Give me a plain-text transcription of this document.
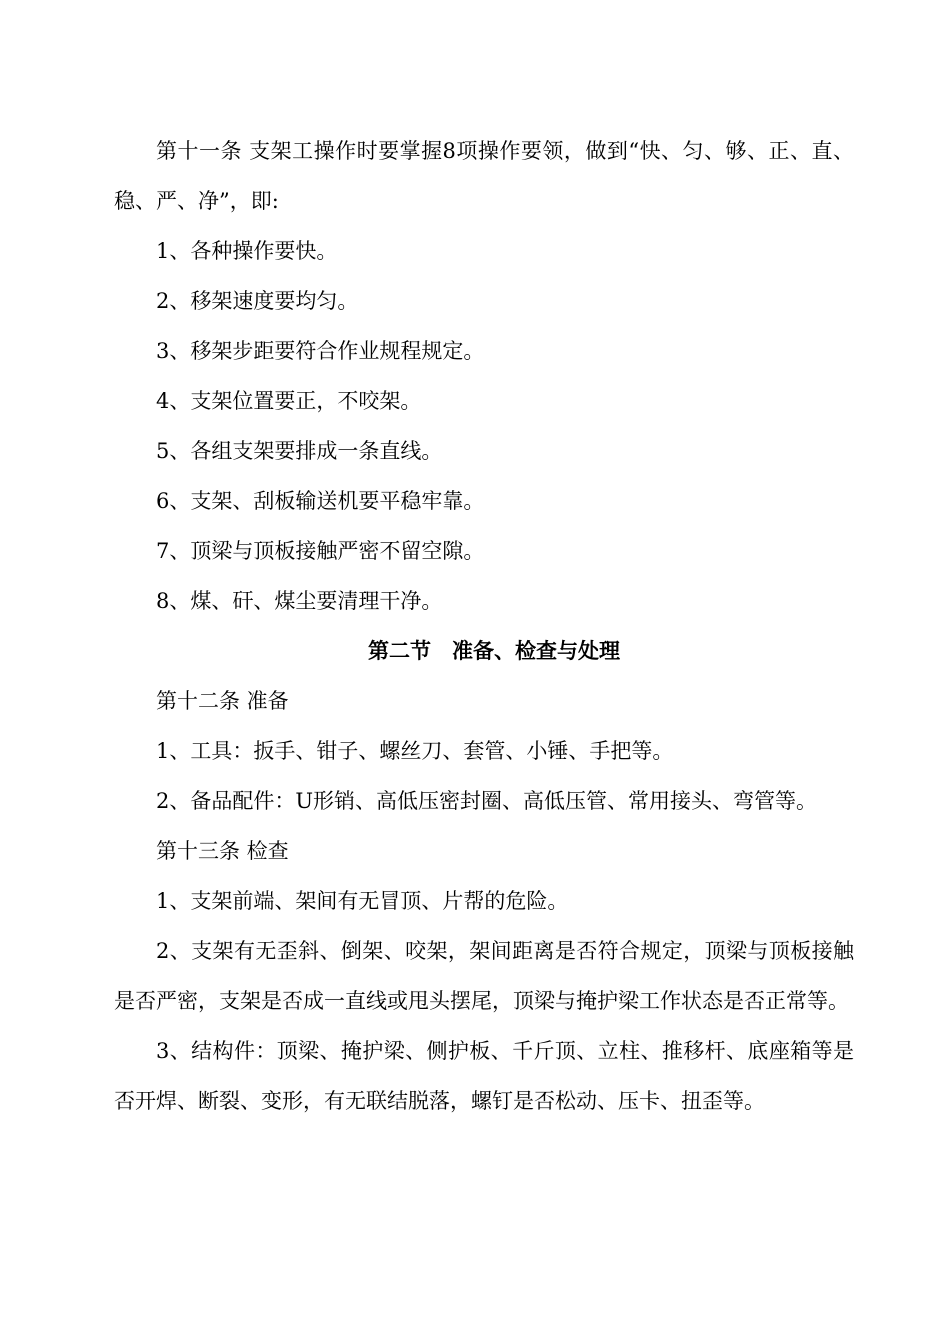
第十一条 支架工操作时要掌握8项操作要领，做到“快、匀、够、正、直、稳、严、净”，即:

1、各种操作要快。

2、移架速度要均匀。

3、移架步距要符合作业规程规定。

4、支架位置要正，不咬架。

5、各组支架要排成一条直线。

6、支架、刮板输送机要平稳牢靠。

7、顶梁与顶板接触严密不留空隙。

8、煤、矸、煤尘要清理干净。

第二节　准备、检查与处理

第十二条 准备

1、工具：扳手、钳子、螺丝刀、套管、小锤、手把等。

2、备品配件：U形销、高低压密封圈、高低压管、常用接头、弯管等。

第十三条 检查

1、支架前端、架间有无冒顶、片帮的危险。

2、支架有无歪斜、倒架、咬架，架间距离是否符合规定，顶梁与顶板接触是否严密，支架是否成一直线或甩头摆尾，顶梁与掩护梁工作状态是否正常等。

3、结构件：顶梁、掩护梁、侧护板、千斤顶、立柱、推移杆、底座箱等是否开焊、断裂、变形，有无联结脱落，螺钉是否松动、压卡、扭歪等。
